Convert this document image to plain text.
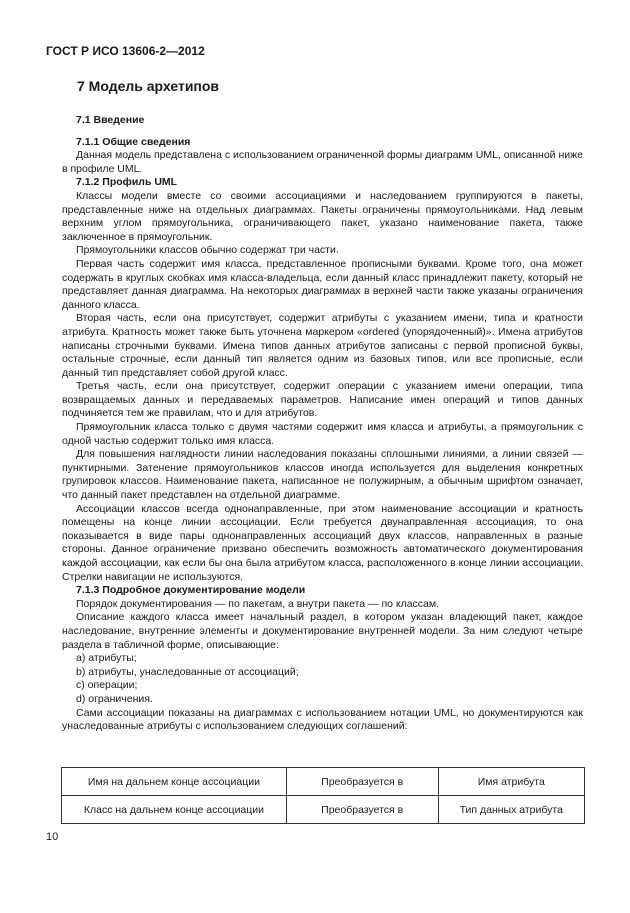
ГОСТ Р ИСО 13606-2—2012
7 Модель архетипов
7.1 Введение
7.1.1 Общие сведения
Данная модель представлена с использованием ограниченной формы диаграмм UML, описанной ниже в профиле UML.
7.1.2 Профиль UML
Классы модели вместе со своими ассоциациями и наследованием группируются в пакеты, представленные ниже на отдельных диаграммах. Пакеты ограничены прямоугольниками. Над левым верхним углом прямоугольника, ограничивающего пакет, указано наименование пакета, также заключенное в прямоугольник.
Прямоугольники классов обычно содержат три части.
Первая часть содержит имя класса, представленное прописными буквами. Кроме того, она может содержать в круглых скобках имя класса-владельца, если данный класс принадлежит пакету, который не представляет данная диаграмма. На некоторых диаграммах в верхней части также указаны ограничения данного класса.
Вторая часть, если она присутствует, содержит атрибуты с указанием имени, типа и кратности атрибута. Кратность может также быть уточнена маркером «ordered (упорядоченный)». Имена атрибутов написаны строчными буквами. Имена типов данных атрибутов записаны с первой прописной буквы, остальные строчные, если данный тип является одним из базовых типов, или все прописные, если данный тип представляет собой другой класс.
Третья часть, если она присутствует, содержит операции с указанием имени операции, типа возвращаемых данных и передаваемых параметров. Написание имен операций и типов данных подчиняется тем же правилам, что и для атрибутов.
Прямоугольник класса только с двумя частями содержит имя класса и атрибуты, а прямоугольник с одной частью содержит только имя класса.
Для повышения наглядности линии наследования показаны сплошными линиями, а линии связей — пунктирными. Затенение прямоугольников классов иногда используется для выделения конкретных групировок классов. Наименование пакета, написанное не полужирным, а обычным шрифтом означает, что данный пакет представлен на отдельной диаграмме.
Ассоциации классов всегда однонаправленные, при этом наименование ассоциации и кратность помещены на конце линии ассоциации. Если требуется двунаправленная ассоциация, то она показывается в виде пары однонаправленных ассоциаций двух классов, направленных в разные стороны. Данное ограничение призвано обеспечить возможность автоматического документирования каждой ассоциации, как если бы она была атрибутом класса, расположенного в конце линии ассоциации. Стрелки навигации не используются.
7.1.3 Подробное документирование модели
Порядок документирования — по пакетам, а внутри пакета — по классам.
Описание каждого класса имеет начальный раздел, в котором указан владеющий пакет, каждое наследование, внутренние элементы и документирование внутренней модели. За ним следуют четыре раздела в табличной форме, описывающие:
a) атрибуты;
b) атрибуты, унаследованные от ассоциаций;
c) операции;
d) ограничения.
Сами ассоциации показаны на диаграммах с использованием нотации UML, но документируются как унаследованные атрибуты с использованием следующих соглашений:
Имя на дальнем конце ассоциации	Преобразуется в	Имя атрибута
Класс на дальнем конце ассоциации	Преобразуется в	Тип данных атрибута
10
